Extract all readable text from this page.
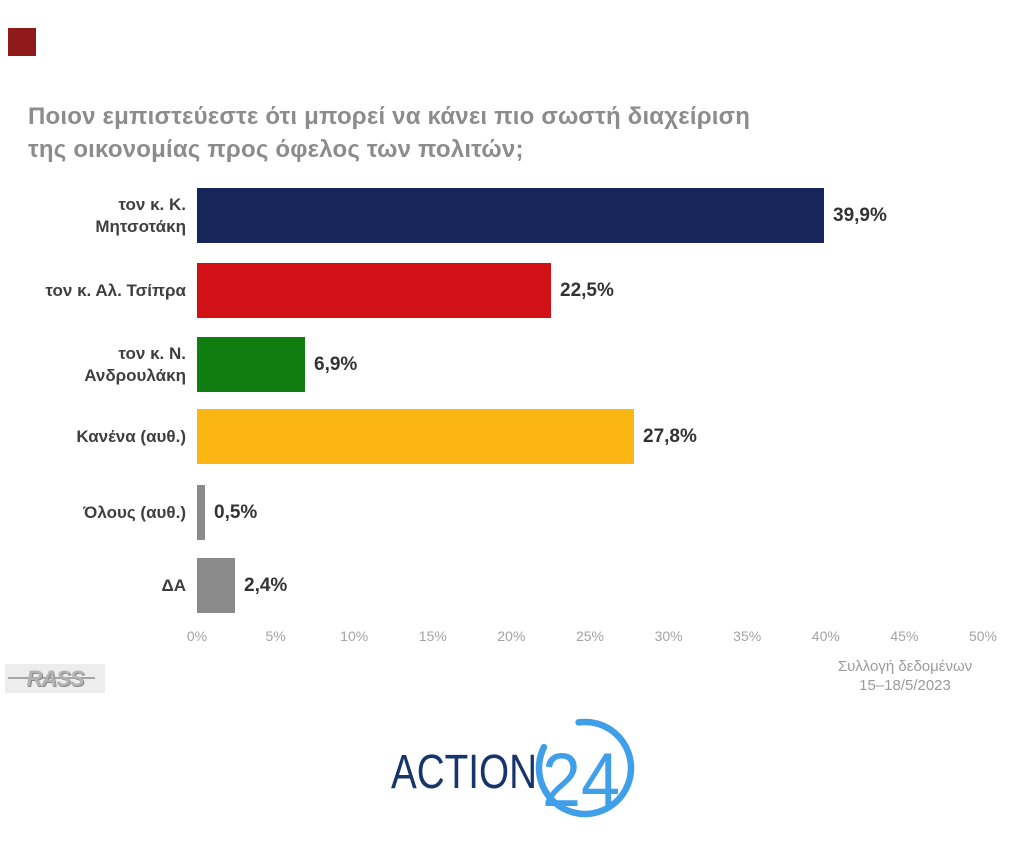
Ποιον εμπιστεύεστε ότι μπορεί να κάνει πιο σωστή διαχείριση
της οικονομίας προς όφελος των πολιτών;
τον κ. Κ.
Μητσοτάκη
39,9%
τον κ. Αλ. Τσίπρα	22,5%
τον κ. Ν.
Ανδρουλάκη
6,9%
Κανένα (αυθ.)	27,8%
Όλους (αυθ.) 0,5%
ΔΑ	2,4%
0%	5%	10%	15%	20%	25%	30%	35%	40%	45%	50%
RASS	Συλλογή δεδομένων
15–18/5/2023
ACTION 24
